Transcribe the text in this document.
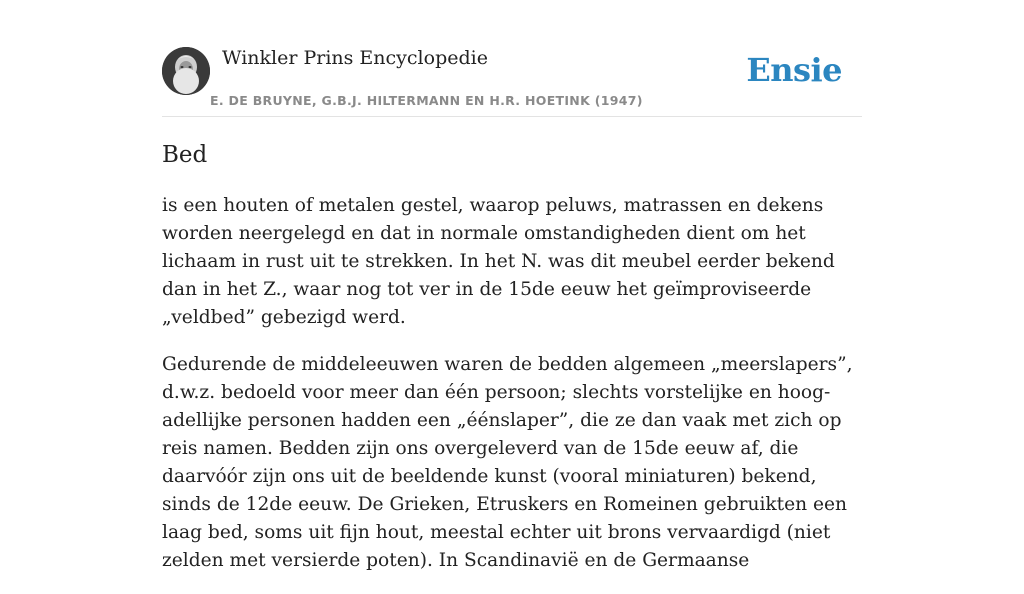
Winkler Prins Encyclopedie
E. DE BRUYNE, G.B.J. HILTERMANN EN H.R. HOETINK (1947)
Ensie
Bed

is een houten of metalen gestel, waarop peluws, matrassen en dekens worden neergelegd en dat in normale omstandigheden dient om het lichaam in rust uit te strekken. In het N. was dit meubel eerder bekend dan in het Z., waar nog tot ver in de 15de eeuw het geïmproviseerde „veldbed” gebezigd werd.

Gedurende de middeleeuwen waren de bedden algemeen „meerslapers”, d.w.z. bedoeld voor meer dan één persoon; slechts vorstelijke en hoog-adellijke personen hadden een „éénslaper”, die ze dan vaak met zich op reis namen. Bedden zijn ons overgeleverd van de 15de eeuw af, die daarvóór zijn ons uit de beeldende kunst (vooral miniaturen) bekend, sinds de 12de eeuw. De Grieken, Etruskers en Romeinen gebruikten een laag bed, soms uit fijn hout, meestal echter uit brons vervaardigd (niet zelden met versierde poten). In Scandinavië en de Germaanse
